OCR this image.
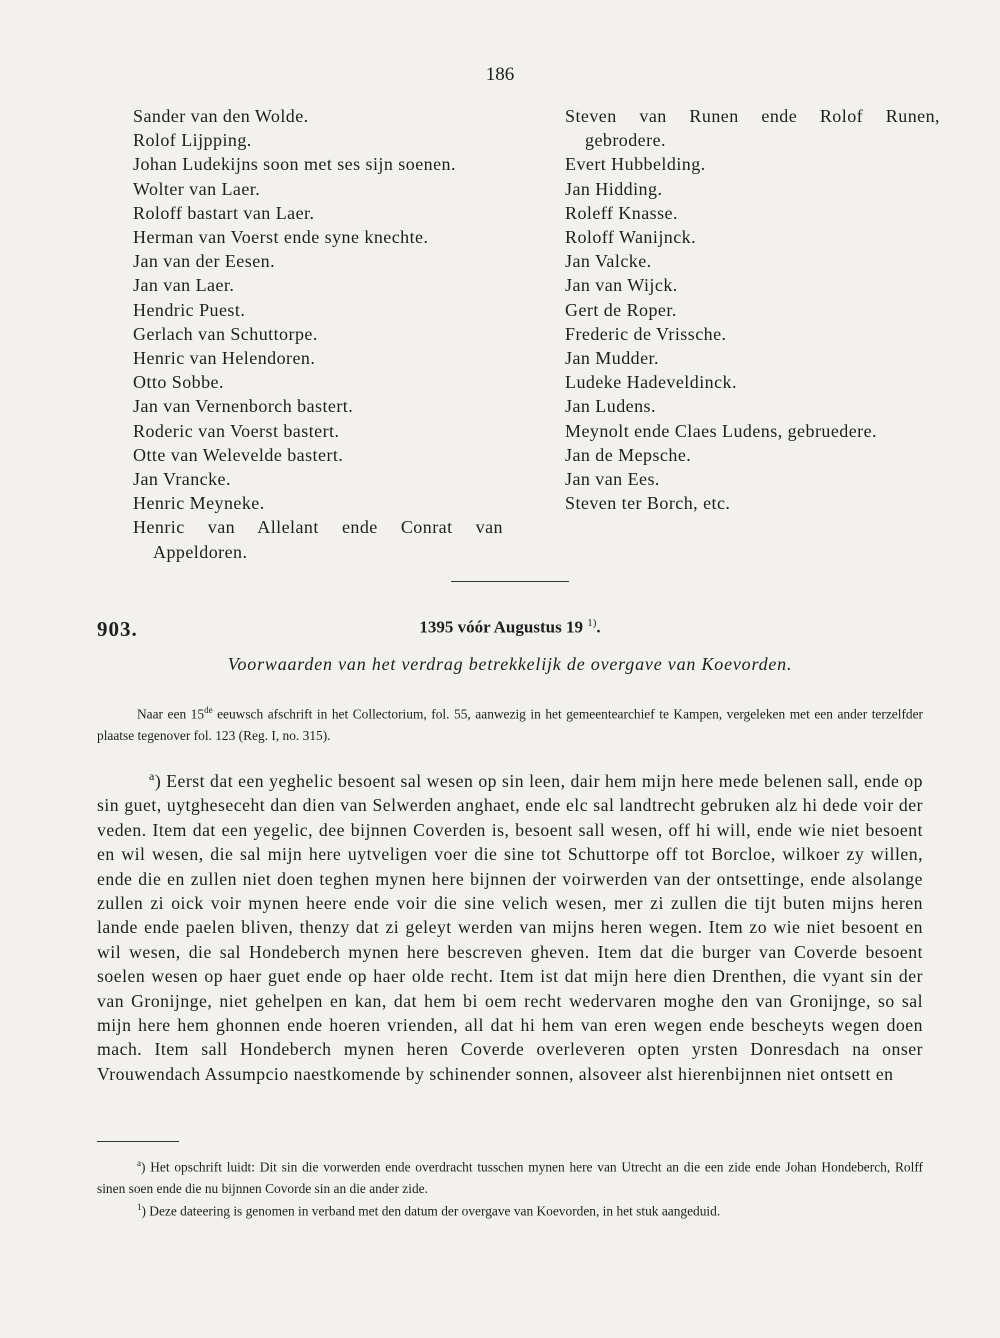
186
Sander van den Wolde.
Rolof Lijpping.
Johan Ludekijns soon met ses sijn soenen.
Wolter van Laer.
Roloff bastart van Laer.
Herman van Voerst ende syne knechte.
Jan van der Eesen.
Jan van Laer.
Hendric Puest.
Gerlach van Schuttorpe.
Henric van Helendoren.
Otto Sobbe.
Jan van Vernenborch bastert.
Roderic van Voerst bastert.
Otte van Welevelde bastert.
Jan Vrancke.
Henric Meyneke.
Henric van Allelant ende Conrat van
Appeldoren.
Steven van Runen ende Rolof Runen,
gebrodere.
Evert Hubbelding.
Jan Hidding.
Roleff Knasse.
Roloff Wanijnck.
Jan Valcke.
Jan van Wijck.
Gert de Roper.
Frederic de Vrissche.
Jan Mudder.
Ludeke Hadeveldinck.
Jan Ludens.
Meynolt ende Claes Ludens, gebruedere.
Jan de Mepsche.
Jan van Ees.
Steven ter Borch, etc.
903.	1395 vóór Augustus 19 $^{1)}$.
Voorwaarden van het verdrag betrekkelijk de overgave van Koevorden.

Naar een 15de eeuwsch afschrift in het Collectorium, fol. 55, aanwezig in het gemeentearchief te Kampen, vergeleken met een ander terzelfder plaatse tegenover fol. 123 (Reg. I, no. 315).

$^a$) Eerst dat een yeghelic besoent sal wesen op sin leen, dair hem mijn here mede belenen sall, ende op sin guet, uytgheseceht dan dien van Selwerden anghaet, ende elc sal landtrecht gebruken alz hi dede voir der veden. Item dat een yegelic, dee bijnnen Coverden is, besoent sall wesen, off hi will, ende wie niet besoent en wil wesen, die sal mijn here uytveligen voer die sine tot Schuttorpe off tot Borcloe, wilkoer zy willen, ende die en zullen niet doen teghen mynen here bijnnen der voirwerden van der ontsettinge, ende alsolange zullen zi oick voir mynen heere ende voir die sine velich wesen, mer zi zullen die tijt buten mijns heren lande ende paelen bliven, thenzy dat zi geleyt werden van mijns heren wegen. Item zo wie niet besoent en wil wesen, die sal Hondeberch mynen here bescreven gheven. Item dat die burger van Coverde besoent soelen wesen op haer guet ende op haer olde recht. Item ist dat mijn here dien Drenthen, die vyant sin der van Gronijnge, niet gehelpen en kan, dat hem bi oem recht wedervaren moghe den van Gronijnge, so sal mijn here hem ghonnen ende hoeren vrienden, all dat hi hem van eren wegen ende bescheyts wegen doen mach. Item sall Hondeberch mynen heren Coverde overleveren opten yrsten Donresdach na onser Vrouwendach Assumpcio naestkomende by schinender sonnen, alsoveer alst hierenbijnnen niet ontsett en

$^a$) Het opschrift luidt: Dit sin die vorwerden ende overdracht tusschen mynen here van Utrecht an die een zide ende Johan Hondeberch, Rolff sinen soen ende die nu bijnnen Covorde sin an die ander zide.

$^1$) Deze dateering is genomen in verband met den datum der overgave van Koevorden, in het stuk aangeduid.
